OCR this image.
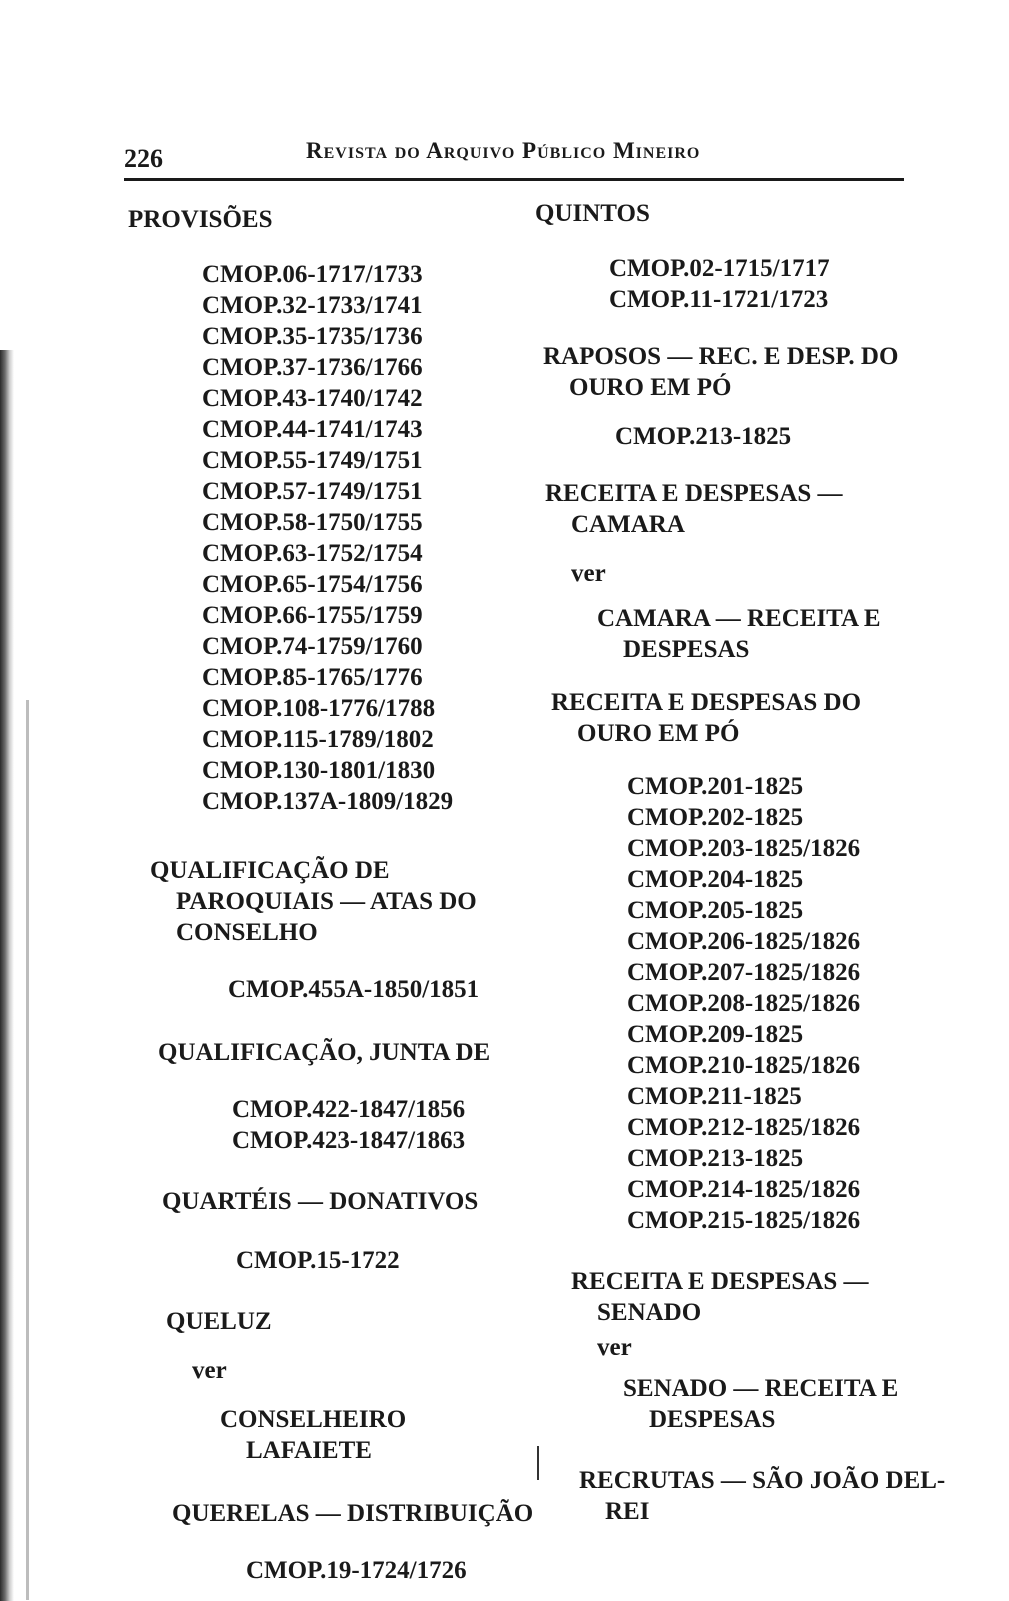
226	Revista do Arquivo Público Mineiro
PROVISÕES
CMOP.06-1717/1733
CMOP.32-1733/1741
CMOP.35-1735/1736
CMOP.37-1736/1766
CMOP.43-1740/1742
CMOP.44-1741/1743
CMOP.55-1749/1751
CMOP.57-1749/1751
CMOP.58-1750/1755
CMOP.63-1752/1754
CMOP.65-1754/1756
CMOP.66-1755/1759
CMOP.74-1759/1760
CMOP.85-1765/1776
CMOP.108-1776/1788
CMOP.115-1789/1802
CMOP.130-1801/1830
CMOP.137A-1809/1829
QUALIFICAÇÃO DE PAROQUIAIS — ATAS DO CONSELHO
CMOP.455A-1850/1851
QUALIFICAÇÃO, JUNTA DE
CMOP.422-1847/1856
CMOP.423-1847/1863
QUARTÉIS — DONATIVOS
CMOP.15-1722
QUELUZ
ver
CONSELHEIRO LAFAIETE
QUERELAS — DISTRIBUIÇÃO
CMOP.19-1724/1726
QUINTOS
CMOP.02-1715/1717
CMOP.11-1721/1723
RAPOSOS — REC. E DESP. DO OURO EM PÓ
CMOP.213-1825
RECEITA E DESPESAS — CAMARA
ver
CAMARA — RECEITA E DESPESAS
RECEITA E DESPESAS DO OURO EM PÓ
CMOP.201-1825
CMOP.202-1825
CMOP.203-1825/1826
CMOP.204-1825
CMOP.205-1825
CMOP.206-1825/1826
CMOP.207-1825/1826
CMOP.208-1825/1826
CMOP.209-1825
CMOP.210-1825/1826
CMOP.211-1825
CMOP.212-1825/1826
CMOP.213-1825
CMOP.214-1825/1826
CMOP.215-1825/1826
RECEITA E DESPESAS — SENADO
ver
SENADO — RECEITA E DESPESAS
RECRUTAS — SÃO JOÃO DEL-REI
